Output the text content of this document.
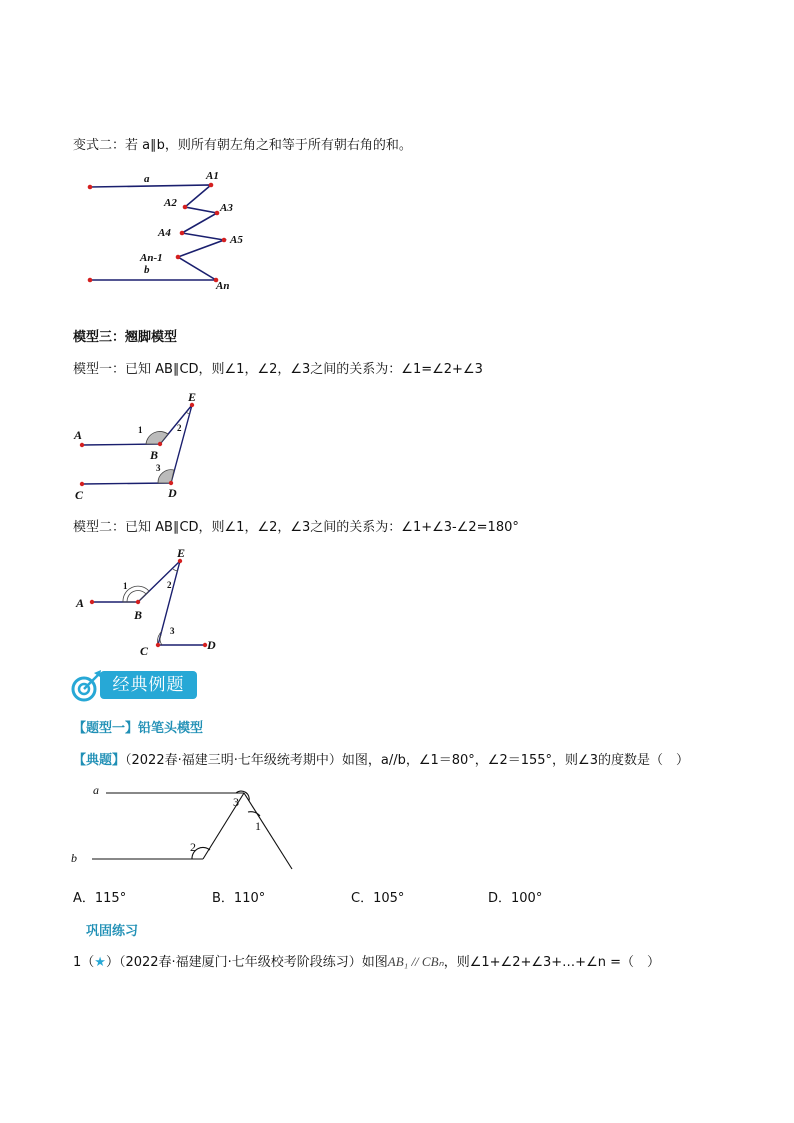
变式二：若 a∥b，则所有朝左角之和等于所有朝右角的和。
a	A1
A2	A3
A4
A5
An-1
b
An
模型三：翘脚模型
模型一：已知 AB∥CD，则∠1，∠2，∠3之间的关系为：∠1=∠2+∠3
E
A	1	2
B
3
C	D
模型二：已知 AB∥CD，则∠1，∠2，∠3之间的关系为：∠1+∠3-∠2=180°
E
1	2
A
B
3
C	D
经典例题
【题型一】铅笔头模型
【典题】（2022春·福建三明·七年级统考期中）如图，a//b，∠1＝80°，∠2＝155°，则∠3的度数是（　）
a
3
1
2
b
A．115°	B．110°	C．105°	D．100°
巩固练习
1（★）（2022春·福建厦门·七年级校考阶段练习）如图AB₁ // CBₙ，则∠1+∠2+∠3+…+∠n =（　）
